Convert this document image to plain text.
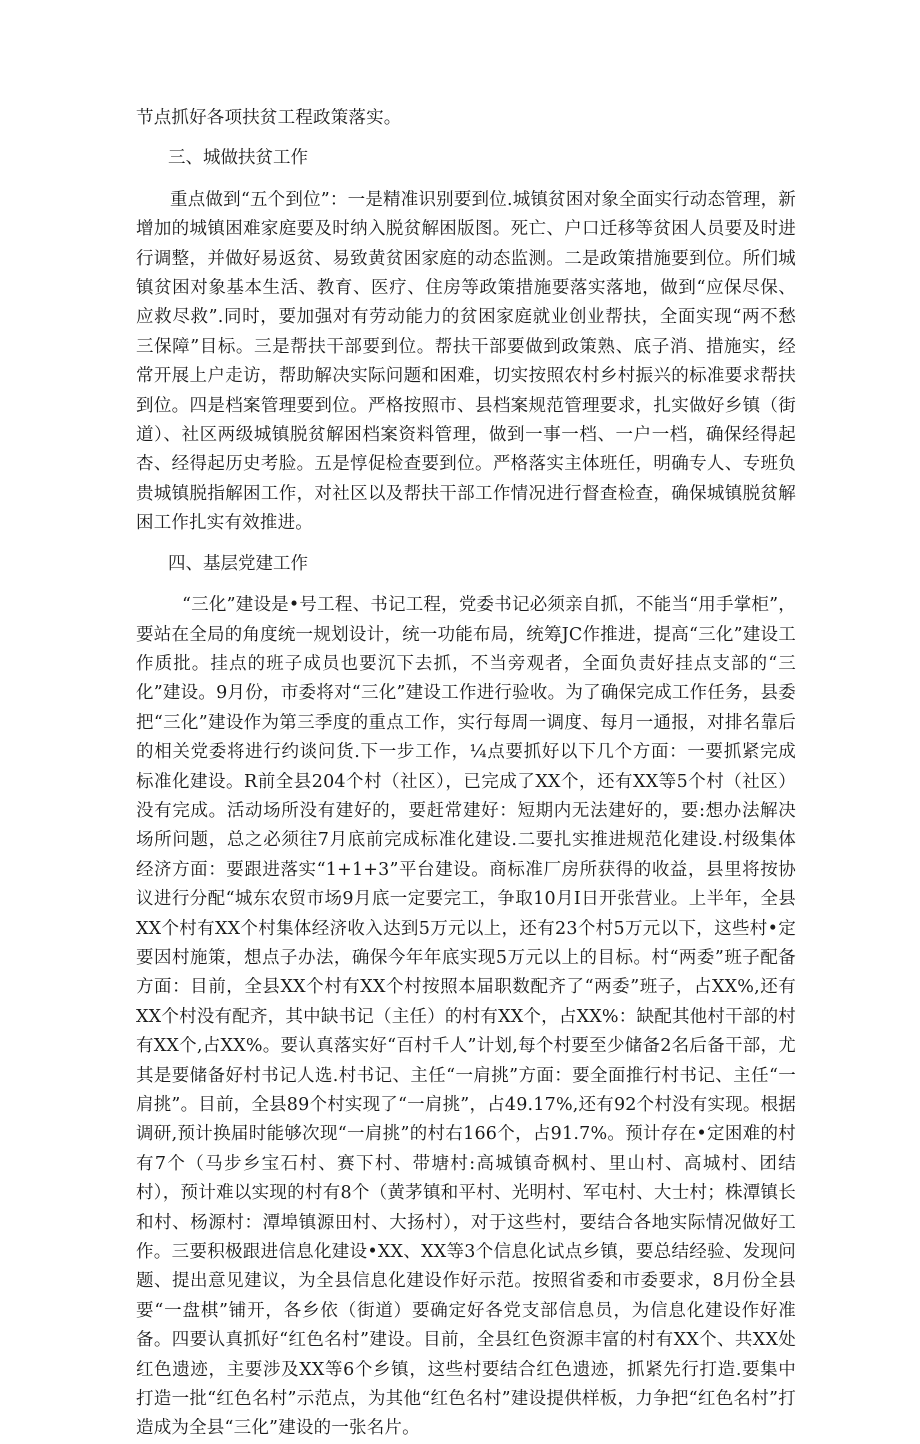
节点抓好各项扶贫工程政策落实。

三、城做扶贫工作

重点做到“五个到位”：一是精准识别要到位.城镇贫困对象全面实行动态管理，新增加的城镇困难家庭要及时纳入脱贫解困版图。死亡、户口迁移等贫困人员要及时进行调整，并做好易返贫、易致黄贫困家庭的动态监测。二是政策措施要到位。所们城镇贫困对象基本生活、教育、医疗、住房等政策措施要落实落地，做到“应保尽保、应救尽救”.同时，要加强对有劳动能力的贫困家庭就业创业帮扶，全面实现“两不愁三保障”目标。三是帮扶干部要到位。帮扶干部要做到政策熟、底子消、措施实，经常开展上户走访，帮助解决实际问题和困难，切实按照农村乡村振兴的标准要求帮扶到位。四是档案管理要到位。严格按照市、县档案规范管理要求，扎实做好乡镇（街道）、社区两级城镇脱贫解困档案资料管理，做到一事一档、一户一档，确保经得起杏、经得起历史考脸。五是惇促检查要到位。严格落实主体班任，明确专人、专班负贵城镇脱指解困工作，对社区以及帮扶干部工作情况进行督查检查，确保城镇脱贫解困工作扎实有效推进。

四、基层党建工作

“三化”建设是•号工程、书记工程，党委书记必须亲自抓，不能当“用手掌柜”，要站在全局的角度统一规划设计，统一功能布局，统筹JC作推进，提高“三化”建设工作质批。挂点的班子成员也要沉下去抓，不当旁观者，全面负责好挂点支部的“三化”建设。9月份，市委将对“三化”建设工作进行验收。为了确保完成工作任务，县委把“三化”建设作为第三季度的重点工作，实行每周一调度、每月一通报，对排名靠后的相关党委将进行约谈问货.下一步工作，¼点要抓好以下几个方面：一要抓紧完成标准化建设。R前全县204个村（社区），已完成了XX个，还有XX等5个村（社区）没有完成。活动场所没有建好的，要赶常建好：短期内无法建好的，要:想办法解决场所问题，总之必须往7月底前完成标准化建设.二要扎实推进规范化建设.村级集体经济方面：要跟进落实“1+1+3”平台建设。商标准厂房所获得的收益，县里将按协议进行分配“城东农贸市场9月底一定要完工，争取10月I日开张营业。上半年，全县XX个村有XX个村集体经济收入达到5万元以上，还有23个村5万元以下，这些村•定要因村施策，想点子办法，确保今年年底实现5万元以上的目标。村“两委”班子配备方面：目前，全县XX个村有XX个村按照本届职数配齐了“两委”班子，占XX%,还有XX个村没有配齐，其中缺书记（主任）的村有XX个，占XX%：缺配其他村干部的村有XX个,占XX%。要认真落实好“百村千人”计划,每个村要至少储备2名后备干部，尤其是要储备好村书记人选.村书记、主任“一肩挑”方面：要全面推行村书记、主任“一肩挑”。目前，全县89个村实现了“一肩挑”，占49.17%,还有92个村没有实现。根据调研,预计换届时能够次现“一肩挑”的村右166个，占91.7%。预计存在•定困难的村有7个（马步乡宝石村、赛下村、带塘村:高城镇奇枫村、里山村、高城村、团结村），预计难以实现的村有8个（黄茅镇和平村、光明村、军屯村、大士村；株潭镇长和村、杨源村：潭埠镇源田村、大扬村），对于这些村，要结合各地实际情况做好工作。三要积极跟进信息化建设•XX、XX等3个信息化试点乡镇，要总结经验、发现问题、提出意见建议，为全县信息化建设作好示范。按照省委和市委要求，8月份全县要“一盘棋”铺开，各乡依（街道）要确定好各党支部信息员，为信息化建设作好准备。四要认真抓好“红色名村”建设。目前，全县红色资源丰富的村有XX个、共XX处红色遗迹，主要涉及XX等6个乡镇，这些村要结合红色遗迹，抓紧先行打造.要集中打造一批“红色名村”示范点，为其他“红色名村”建设提供样板，力争把“红色名村”打造成为全县“三化”建设的一张名片。
